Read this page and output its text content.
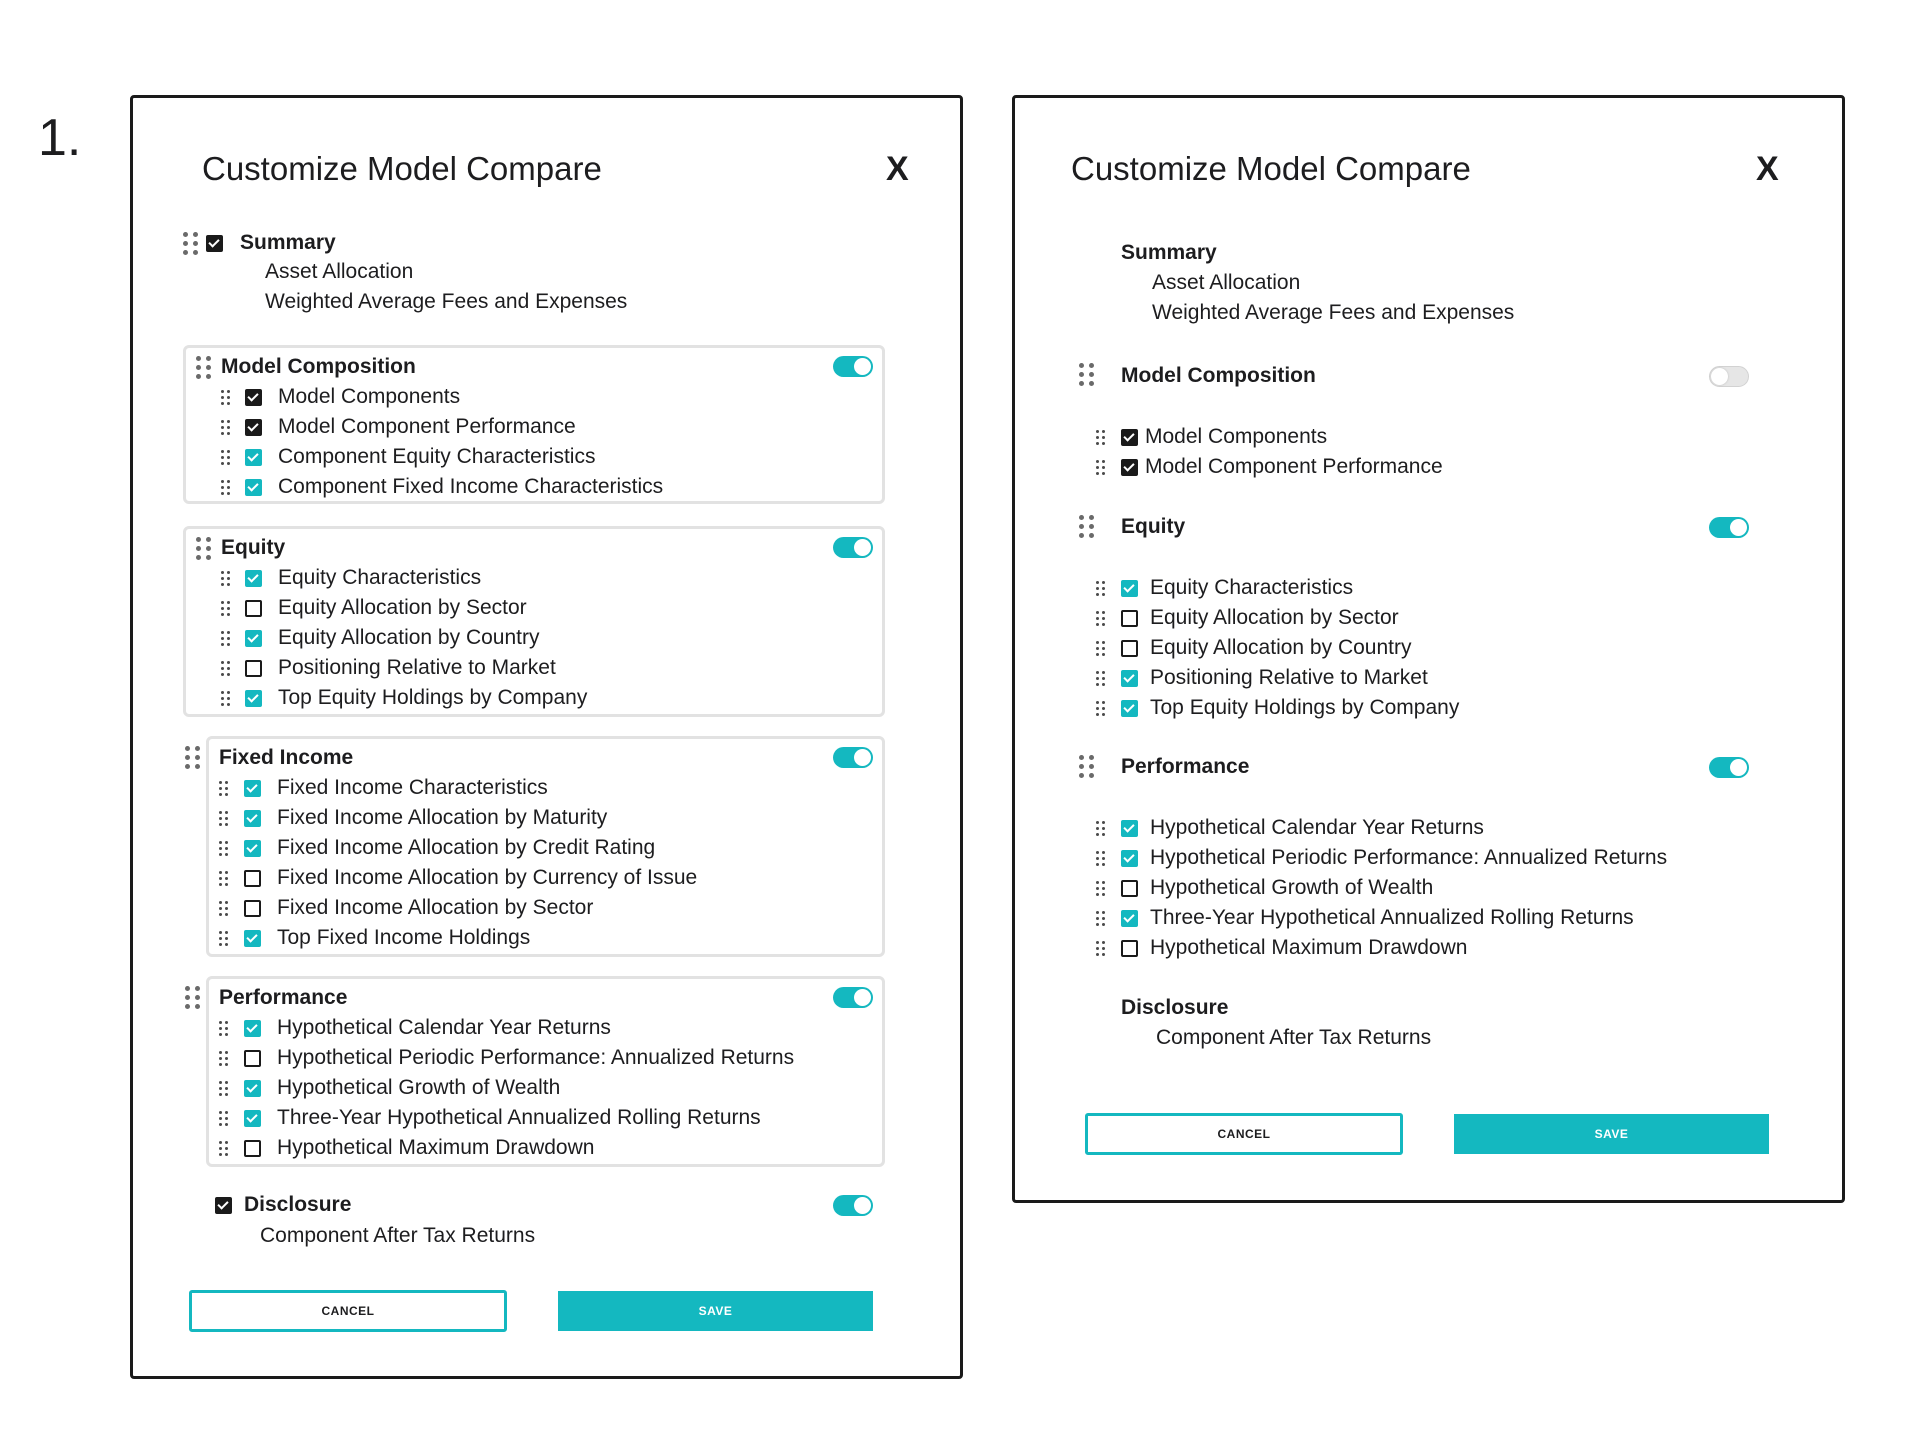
1.
Customize Model Compare	X
Summary
Asset Allocation
Weighted Average Fees and Expenses
Model Composition
Model Components
Model Component Performance
Component Equity Characteristics
Component Fixed Income Characteristics
Equity
Equity Characteristics
Equity Allocation by Sector
Equity Allocation by Country
Positioning Relative to Market
Top Equity Holdings by Company
Fixed Income
Fixed Income Characteristics
Fixed Income Allocation by Maturity
Fixed Income Allocation by Credit Rating
Fixed Income Allocation by Currency of Issue
Fixed Income Allocation by Sector
Top Fixed Income Holdings
Performance
Hypothetical Calendar Year Returns
Hypothetical Periodic Performance: Annualized Returns
Hypothetical Growth of Wealth
Three-Year Hypothetical Annualized Rolling Returns
Hypothetical Maximum Drawdown
Disclosure
Component After Tax Returns
CANCEL	SAVE
Customize Model Compare	X
Summary
Asset Allocation
Weighted Average Fees and Expenses
Model Composition
Model Components
Model Component Performance
Equity
Equity Characteristics
Equity Allocation by Sector
Equity Allocation by Country
Positioning Relative to Market
Top Equity Holdings by Company
Performance
Hypothetical Calendar Year Returns
Hypothetical Periodic Performance: Annualized Returns
Hypothetical Growth of Wealth
Three-Year Hypothetical Annualized Rolling Returns
Hypothetical Maximum Drawdown
Disclosure
Component After Tax Returns
CANCEL	SAVE
